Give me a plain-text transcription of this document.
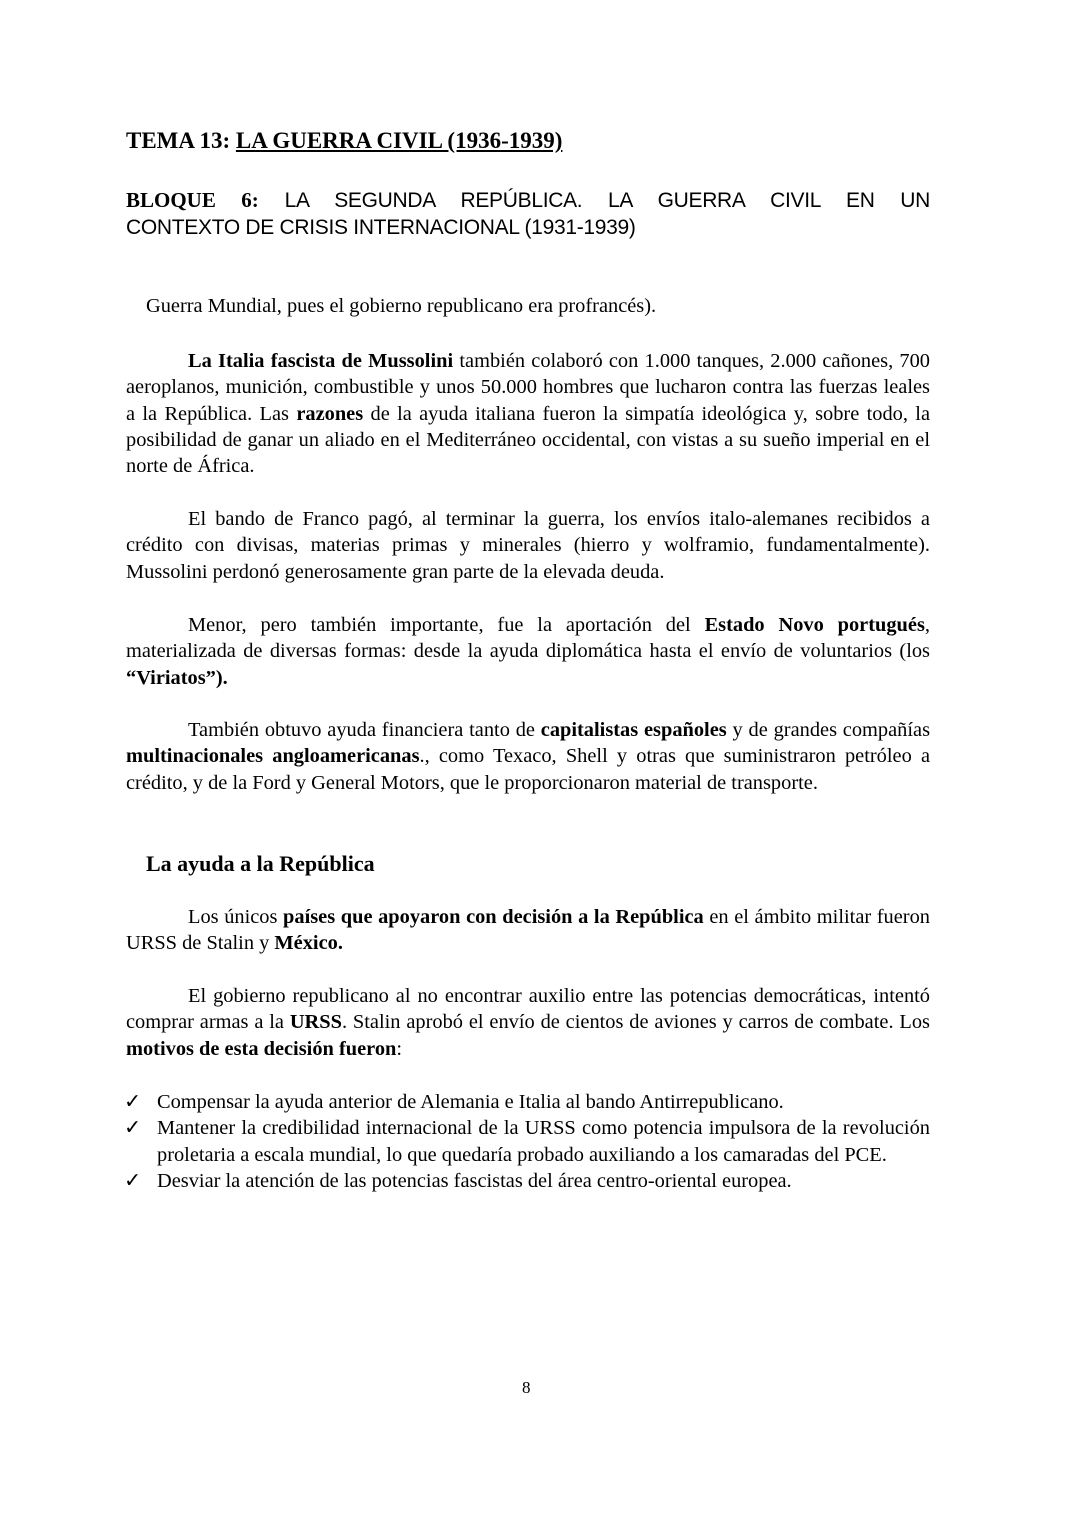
TEMA 13: LA GUERRA CIVIL (1936-1939)
BLOQUE 6: LA SEGUNDA REPÚBLICA. LA GUERRA CIVIL EN UN
CONTEXTO DE CRISIS INTERNACIONAL (1931-1939)
Guerra Mundial, pues el gobierno republicano era profrancés).
La Italia fascista de Mussolini también colaboró con 1.000 tanques, 2.000 cañones, 700 aeroplanos, munición, combustible y unos 50.000 hombres que lucharon contra las fuerzas leales a la República. Las razones de la ayuda italiana fueron la simpatía ideológica y, sobre todo, la posibilidad de ganar un aliado en el Mediterráneo occidental, con vistas a su sueño imperial en el norte de África.
El bando de Franco pagó, al terminar la guerra, los envíos italo-alemanes recibidos a crédito con divisas, materias primas y minerales (hierro y wolframio, fundamentalmente). Mussolini perdonó generosamente gran parte de la elevada deuda.
Menor, pero también importante, fue la aportación del Estado Novo portugués, materializada de diversas formas: desde la ayuda diplomática hasta el envío de voluntarios (los “Viriatos”).
También obtuvo ayuda financiera tanto de capitalistas españoles y de grandes compañías multinacionales angloamericanas., como Texaco, Shell y otras que suministraron petróleo a crédito, y de la Ford y General Motors, que le proporcionaron material de transporte.
La ayuda a la República
Los únicos países que apoyaron con decisión a la República en el ámbito militar fueron URSS de Stalin y México.
El gobierno republicano al no encontrar auxilio entre las potencias democráticas, intentó comprar armas a la URSS. Stalin aprobó el envío de cientos de aviones y carros de combate. Los motivos de esta decisión fueron:
✓ Compensar la ayuda anterior de Alemania e Italia al bando Antirrepublicano.
✓ Mantener la credibilidad internacional de la URSS como potencia impulsora de la revolución proletaria a escala mundial, lo que quedaría probado auxiliando a los camaradas del PCE.
✓ Desviar la atención de las potencias fascistas del área centro-oriental europea.
8
